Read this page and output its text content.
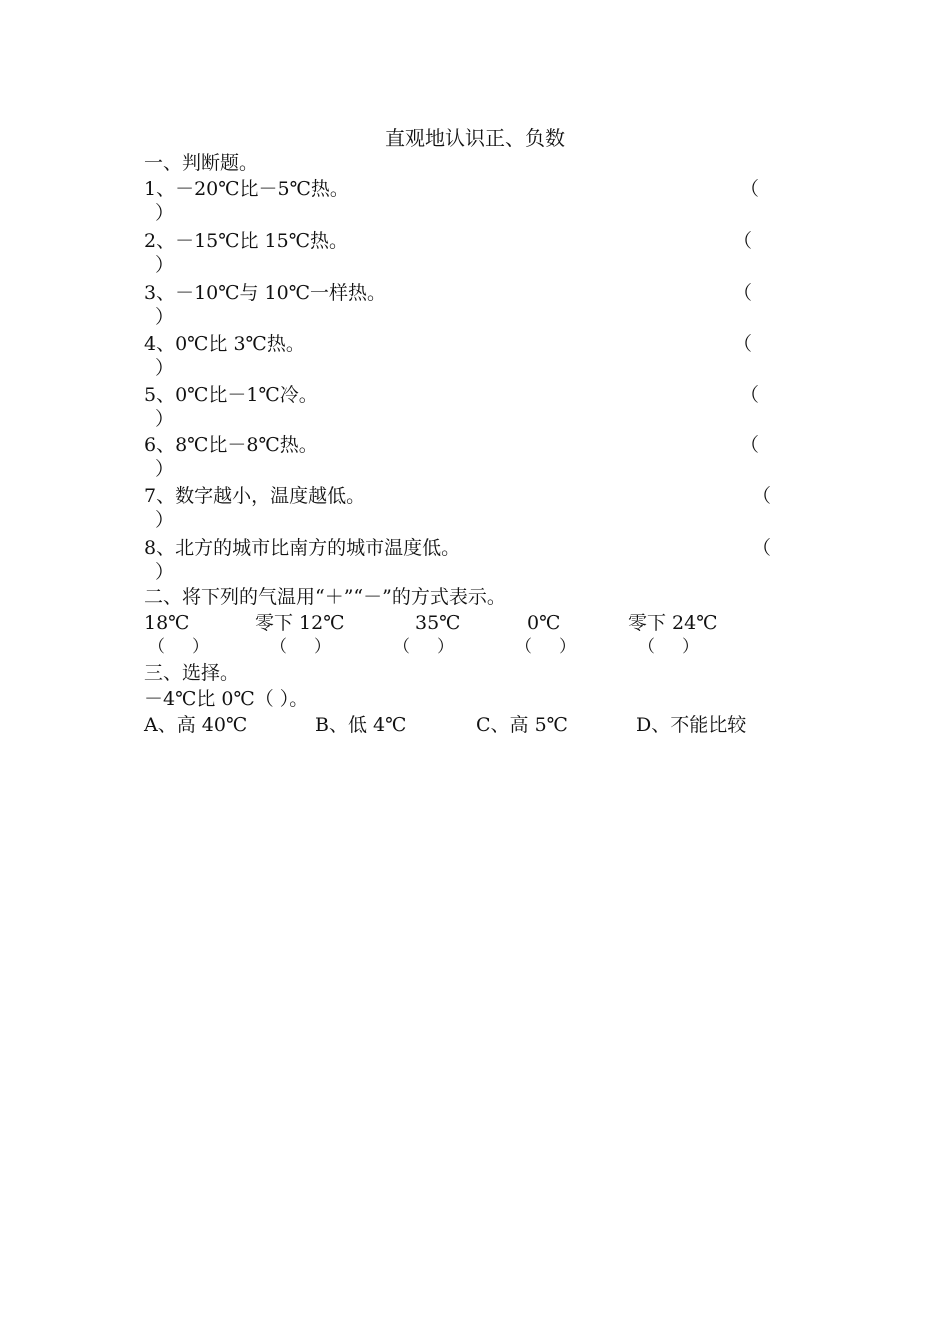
直观地认识正、负数
一、判断题。
1、－20℃比－5℃热。	（
）
2、－15℃比 15℃热。	（
）
3、－10℃与 10℃一样热。	（
）
4、0℃比 3℃热。	（
）
5、0℃比－1℃冷。	（
）
6、8℃比－8℃热。	（
）
7、数字越小，温度越低。	（
）
8、北方的城市比南方的城市温度低。	（
）
二、将下列的气温用“＋”“－”的方式表示。
18℃	零下 12℃	35℃	0℃	零下 24℃
（     ）	（     ）	（     ）	（     ）	（     ）
三、选择。
－4℃比 0℃（ ）。
A、高 40℃	B、低 4℃	C、高 5℃	D、不能比较
